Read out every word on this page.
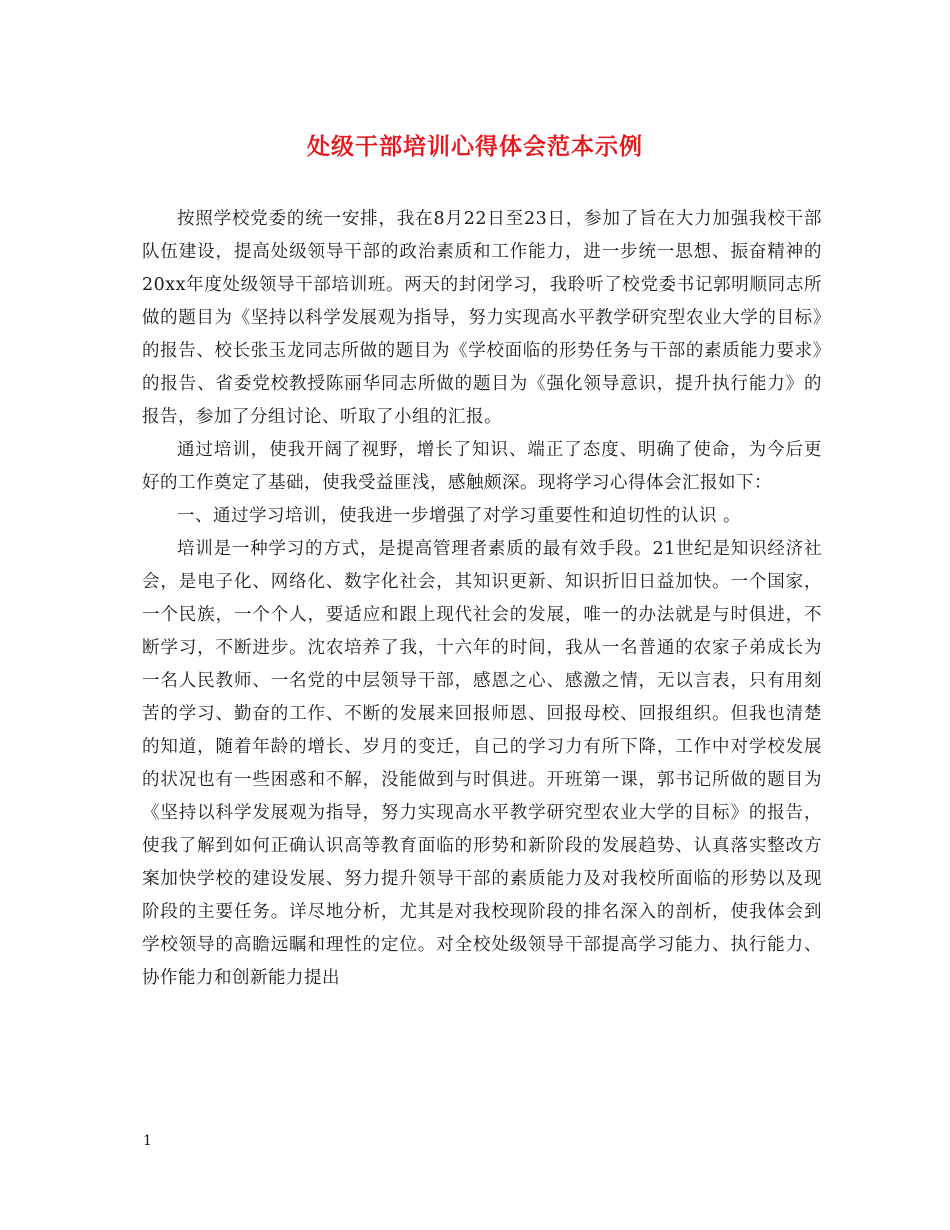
处级干部培训心得体会范本示例

按照学校党委的统一安排，我在8月22日至23日，参加了旨在大力加强我校干部队伍建设，提高处级领导干部的政治素质和工作能力，进一步统一思想、振奋精神的20xx年度处级领导干部培训班。两天的封闭学习，我聆听了校党委书记郭明顺同志所做的题目为《坚持以科学发展观为指导，努力实现高水平教学研究型农业大学的目标》的报告、校长张玉龙同志所做的题目为《学校面临的形势任务与干部的素质能力要求》的报告、省委党校教授陈丽华同志所做的题目为《强化领导意识，提升执行能力》的报告，参加了分组讨论、听取了小组的汇报。

通过培训，使我开阔了视野，增长了知识、端正了态度、明确了使命，为今后更好的工作奠定了基础，使我受益匪浅，感触颇深。现将学习心得体会汇报如下：

一、通过学习培训，使我进一步增强了对学习重要性和迫切性的认识 。

培训是一种学习的方式，是提高管理者素质的最有效手段。21世纪是知识经济社会，是电子化、网络化、数字化社会，其知识更新、知识折旧日益加快。一个国家，一个民族，一个个人，要适应和跟上现代社会的发展，唯一的办法就是与时俱进，不断学习，不断进步。沈农培养了我，十六年的时间，我从一名普通的农家子弟成长为一名人民教师、一名党的中层领导干部，感恩之心、感激之情，无以言表，只有用刻苦的学习、勤奋的工作、不断的发展来回报师恩、回报母校、回报组织。但我也清楚的知道，随着年龄的增长、岁月的变迁，自己的学习力有所下降，工作中对学校发展的状况也有一些困惑和不解，没能做到与时俱进。开班第一课，郭书记所做的题目为《坚持以科学发展观为指导，努力实现高水平教学研究型农业大学的目标》的报告，使我了解到如何正确认识高等教育面临的形势和新阶段的发展趋势、认真落实整改方案加快学校的建设发展、努力提升领导干部的素质能力及对我校所面临的形势以及现阶段的主要任务。详尽地分析，尤其是对我校现阶段的排名深入的剖析，使我体会到学校领导的高瞻远瞩和理性的定位。对全校处级领导干部提高学习能力、执行能力、协作能力和创新能力提出

1
